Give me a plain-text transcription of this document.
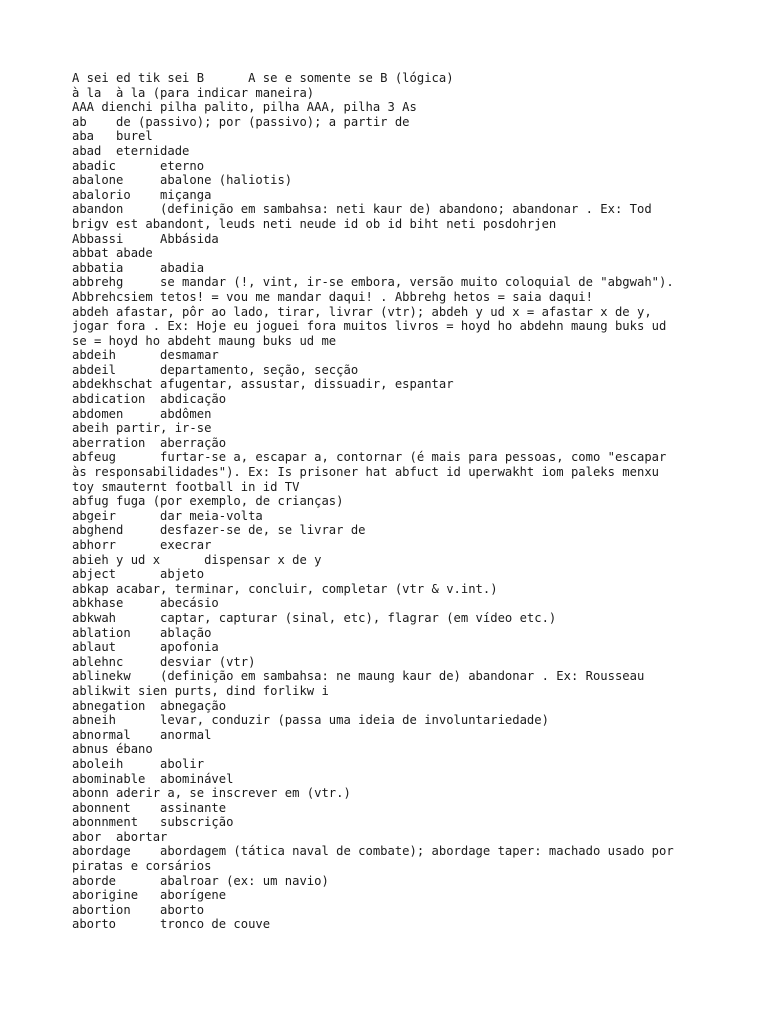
A sei ed tik sei B      A se e somente se B (lógica)
à la  à la (para indicar maneira)
AAA dienchi pilha palito, pilha AAA, pilha 3 As
ab    de (passivo); por (passivo); a partir de
aba   burel
abad  eternidade
abadic      eterno
abalone     abalone (haliotis)
abalorio    miçanga
abandon     (definição em sambahsa: neti kaur de) abandono; abandonar . Ex: Tod
brigv est abandont, leuds neti neude id ob id biht neti posdohrjen
Abbassi     Abbásida
abbat abade
abbatia     abadia
abbrehg     se mandar (!, vint, ir-se embora, versão muito coloquial de "abgwah").
Abbrehcsiem tetos! = vou me mandar daqui! . Abbrehg hetos = saia daqui!
abdeh afastar, pôr ao lado, tirar, livrar (vtr); abdeh y ud x = afastar x de y,
jogar fora . Ex: Hoje eu joguei fora muitos livros = hoyd ho abdehn maung buks ud
se = hoyd ho abdeht maung buks ud me
abdeih      desmamar
abdeil      departamento, seção, secção
abdekhschat afugentar, assustar, dissuadir, espantar
abdication  abdicação
abdomen     abdômen
abeih partir, ir-se
aberration  aberração
abfeug      furtar-se a, escapar a, contornar (é mais para pessoas, como "escapar
às responsabilidades"). Ex: Is prisoner hat abfuct id uperwakht iom paleks menxu
toy smauternt football in id TV
abfug fuga (por exemplo, de crianças)
abgeir      dar meia-volta
abghend     desfazer-se de, se livrar de
abhorr      execrar
abieh y ud x      dispensar x de y
abject      abjeto
abkap acabar, terminar, concluir, completar (vtr & v.int.)
abkhase     abecásio
abkwah      captar, capturar (sinal, etc), flagrar (em vídeo etc.)
ablation    ablação
ablaut      apofonia
ablehnc     desviar (vtr)
ablinekw    (definição em sambahsa: ne maung kaur de) abandonar . Ex: Rousseau
ablikwit sien purts, dind forlikw i
abnegation  abnegação
abneih      levar, conduzir (passa uma ideia de involuntariedade)
abnormal    anormal
abnus ébano
aboleih     abolir
abominable  abominável
abonn aderir a, se inscrever em (vtr.)
abonnent    assinante
abonnment   subscrição
abor  abortar
abordage    abordagem (tática naval de combate); abordage taper: machado usado por
piratas e corsários
aborde      abalroar (ex: um navio)
aborigine   aborígene
abortion    aborto
aborto      tronco de couve
